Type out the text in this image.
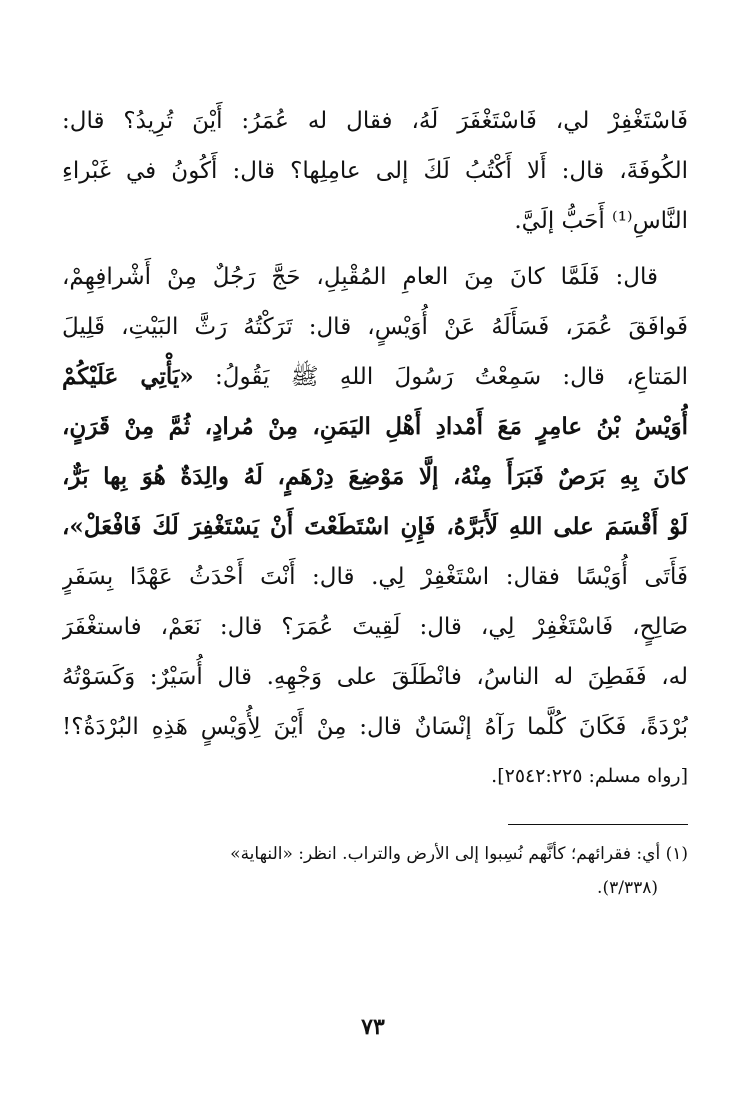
فَاسْتَغْفِرْ لي، فَاسْتَغْفَرَ لَهُ، فقال له عُمَرُ: أَيْنَ تُرِيدُ؟ قال:
الكُوفَةَ، قال: أَلا أَكْتُبُ لَكَ إلى عامِلِها؟ قال: أَكُونُ في غَبْراءِ
النَّاسِ⁽¹⁾ أَحَبُّ إلَيَّ.
قال: فَلَمَّا كانَ مِنَ العامِ المُقْبِلِ، حَجَّ رَجُلٌ مِنْ أَشْرافِهِمْ،
فَوافَقَ عُمَرَ، فَسَأَلَهُ عَنْ أُوَيْسٍ، قال: تَرَكْتُهُ رَثَّ البَيْتِ، قَلِيلَ
المَتاعِ، قال: سَمِعْتُ رَسُولَ اللهِ ﷺ يَقُولُ: «يَأْتِي عَلَيْكُمْ
أُوَيْسُ بْنُ عامِرٍ مَعَ أَمْدادِ أَهْلِ اليَمَنِ، مِنْ مُرادٍ، ثُمَّ مِنْ قَرَنٍ،
كانَ بِهِ بَرَصٌ فَبَرَأَ مِنْهُ، إلَّا مَوْضِعَ دِرْهَمٍ، لَهُ والِدَةٌ هُوَ بِها بَرٌّ،
لَوْ أَقْسَمَ على اللهِ لَأَبَرَّهُ، فَإِنِ اسْتَطَعْتَ أَنْ يَسْتَغْفِرَ لَكَ فَافْعَلْ»،
فَأَتَى أُوَيْسًا فقال: اسْتَغْفِرْ لِي. قال: أَنْتَ أَحْدَثُ عَهْدًا بِسَفَرٍ
صَالِحٍ، فَاسْتَغْفِرْ لِي، قال: لَقِيتَ عُمَرَ؟ قال: نَعَمْ، فاستغْفَرَ
له، فَفَطِنَ له الناسُ، فانْطَلَقَ على وَجْهِهِ. قال أُسَيْرٌ: وَكَسَوْتُهُ
بُرْدَةً، فَكَانَ كُلَّما رَآهُ إنْسَانٌ قال: مِنْ أَيْنَ لِأُوَيْسٍ هَذِهِ البُرْدَةُ؟!
[رواه مسلم: ٢٥٤٢:٢٢٥].
(١) أي: فقرائهم؛ كأنَّهم نُسِبوا إلى الأرض والتراب. انظر: «النهاية»
(٣/٣٣٨).
٧٣
